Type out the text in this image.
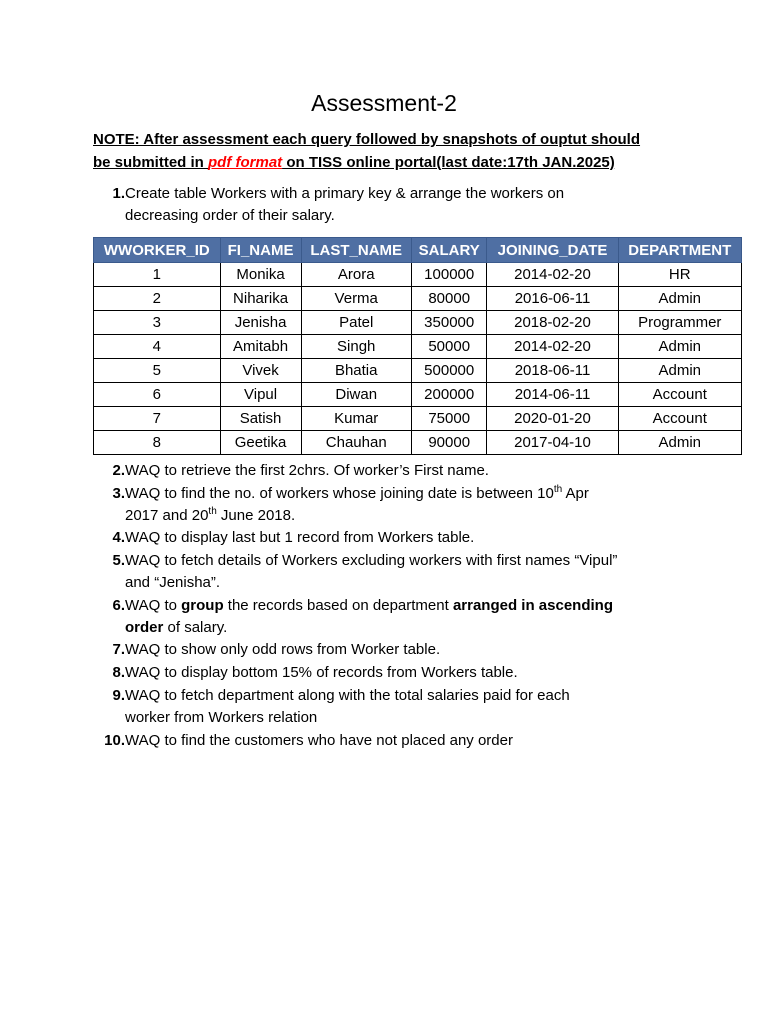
Assessment-2
NOTE: After assessment each query followed by snapshots of ouptut should
be submitted in pdf format on TISS online portal(last date:17th JAN.2025)
1. Create table Workers with a primary key & arrange the workers on
decreasing order of their salary.
WWORKER_ID	FI_NAME	LAST_NAME	SALARY	JOINING_DATE	DEPARTMENT
1	Monika	Arora	100000	2014-02-20	HR
2	Niharika	Verma	80000	2016-06-11	Admin
3	Jenisha	Patel	350000	2018-02-20	Programmer
4	Amitabh	Singh	50000	2014-02-20	Admin
5	Vivek	Bhatia	500000	2018-06-11	Admin
6	Vipul	Diwan	200000	2014-06-11	Account
7	Satish	Kumar	75000	2020-01-20	Account
8	Geetika	Chauhan	90000	2017-04-10	Admin
2. WAQ to retrieve the first 2chrs. Of worker’s First name.
3. WAQ to find the no. of workers whose joining date is between 10th Apr
2017 and 20th June 2018.
4. WAQ to display last but 1 record from Workers table.
5. WAQ to fetch details of Workers excluding workers with first names “Vipul”
and “Jenisha”.
6. WAQ to group the records based on department arranged in ascending
order of salary.
7. WAQ to show only odd rows from Worker table.
8. WAQ to display bottom 15% of records from Workers table.
9. WAQ to fetch department along with the total salaries paid for each
worker from Workers relation
10. WAQ to find the customers who have not placed any order
